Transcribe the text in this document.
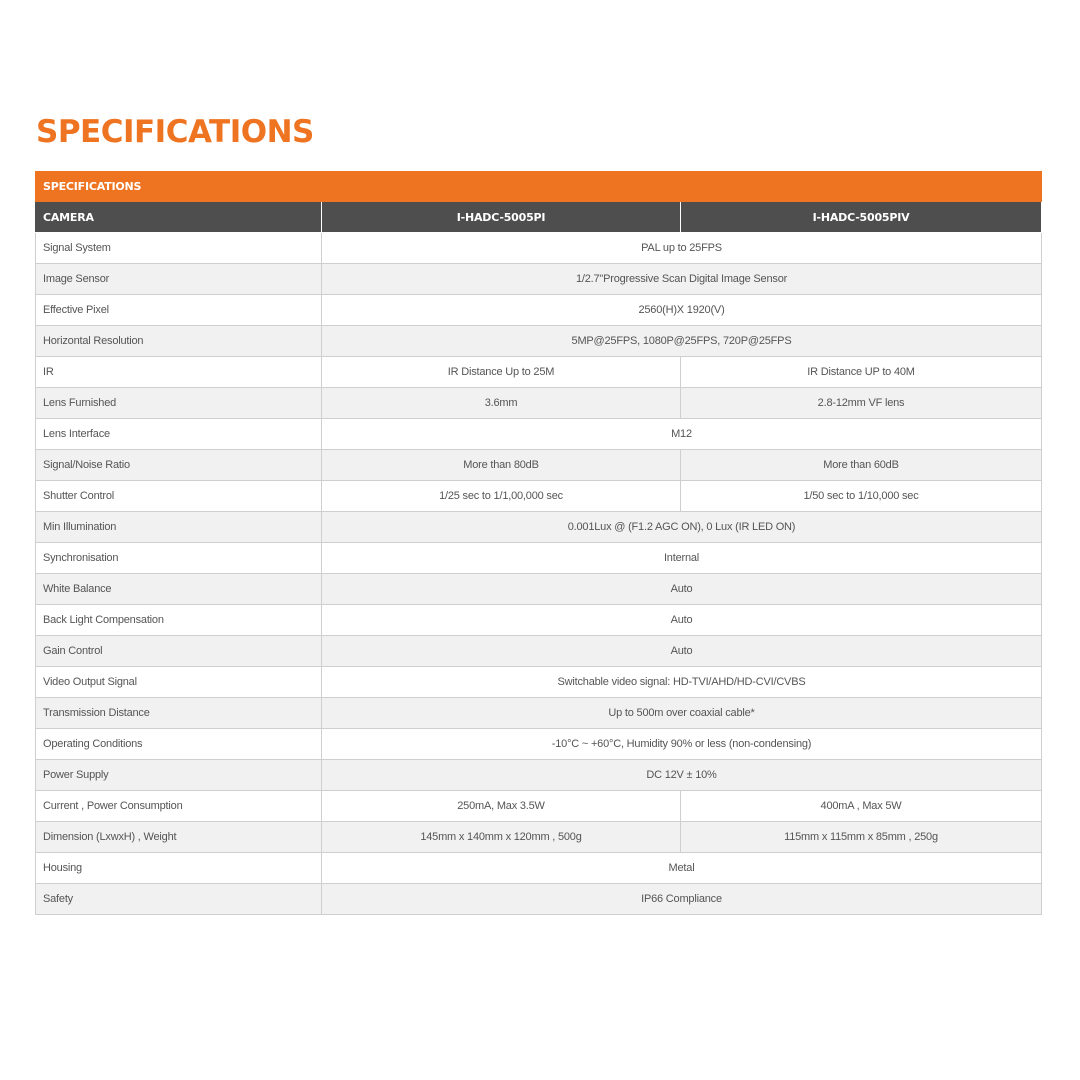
SPECIFICATIONS
SPECIFICATIONS		
CAMERA	I-HADC-5005PI	I-HADC-5005PIV
Signal System	PAL up to 25FPS	
Image Sensor	1/2.7"Progressive Scan Digital Image Sensor	
Effective Pixel	2560(H)X 1920(V)	
Horizontal Resolution	5MP@25FPS, 1080P@25FPS, 720P@25FPS	
IR	IR Distance Up to 25M	IR Distance UP to 40M
Lens Furnished	3.6mm	2.8-12mm VF lens
Lens Interface	M12	
Signal/Noise Ratio	More than 80dB	More than 60dB
Shutter Control	1/25 sec to 1/1,00,000 sec	1/50 sec to 1/10,000 sec
Min Illumination	0.001Lux @ (F1.2 AGC ON), 0 Lux (IR LED ON)	
Synchronisation	Internal	
White Balance	Auto	
Back Light Compensation	Auto	
Gain Control	Auto	
Video Output Signal	Switchable video signal: HD-TVI/AHD/HD-CVI/CVBS	
Transmission Distance	Up to 500m over coaxial cable*	
Operating Conditions	-10°C ~ +60°C, Humidity 90% or less (non-condensing)	
Power Supply	DC 12V ± 10%	
Current , Power Consumption	250mA, Max 3.5W	400mA , Max 5W
Dimension (LxwxH) , Weight	145mm x 140mm x 120mm , 500g	115mm x 115mm x 85mm , 250g
Housing	Metal	
Safety	IP66 Compliance	
